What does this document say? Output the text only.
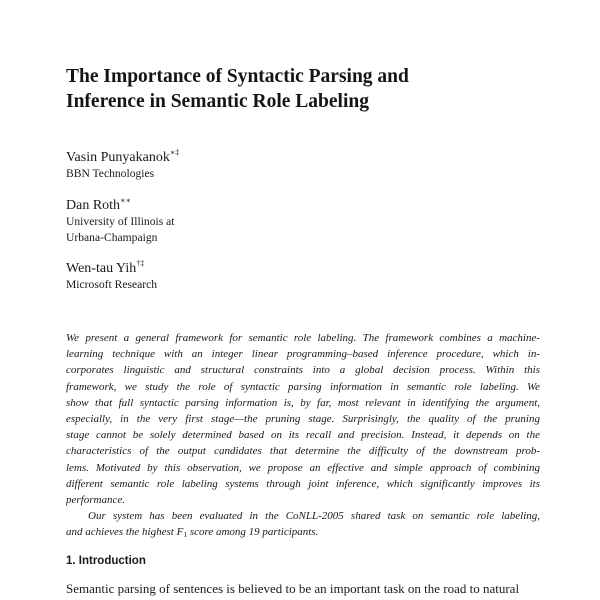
The Importance of Syntactic Parsing and
Inference in Semantic Role Labeling

Vasin Punyakanok∗‡

BBN Technologies

Dan Roth∗∗

University of Illinois at
Urbana-Champaign

Wen-tau Yih†‡

Microsoft Research
We present a general framework for semantic role labeling. The framework combines a machine-
learning technique with an integer linear programming–based inference procedure, which in-
corporates linguistic and structural constraints into a global decision process. Within this
framework, we study the role of syntactic parsing information in semantic role labeling. We
show that full syntactic parsing information is, by far, most relevant in identifying the argument,
especially, in the very first stage—the pruning stage. Surprisingly, the quality of the pruning
stage cannot be solely determined based on its recall and precision. Instead, it depends on the
characteristics of the output candidates that determine the difficulty of the downstream prob-
lems. Motivated by this observation, we propose an effective and simple approach of combining
different semantic role labeling systems through joint inference, which significantly improves its
performance.
Our system has been evaluated in the CoNLL-2005 shared task on semantic role labeling,
and achieves the highest $F_1$ score among 19 participants.
1. Introduction
Semantic parsing of sentences is believed to be an important task on the road to natural
